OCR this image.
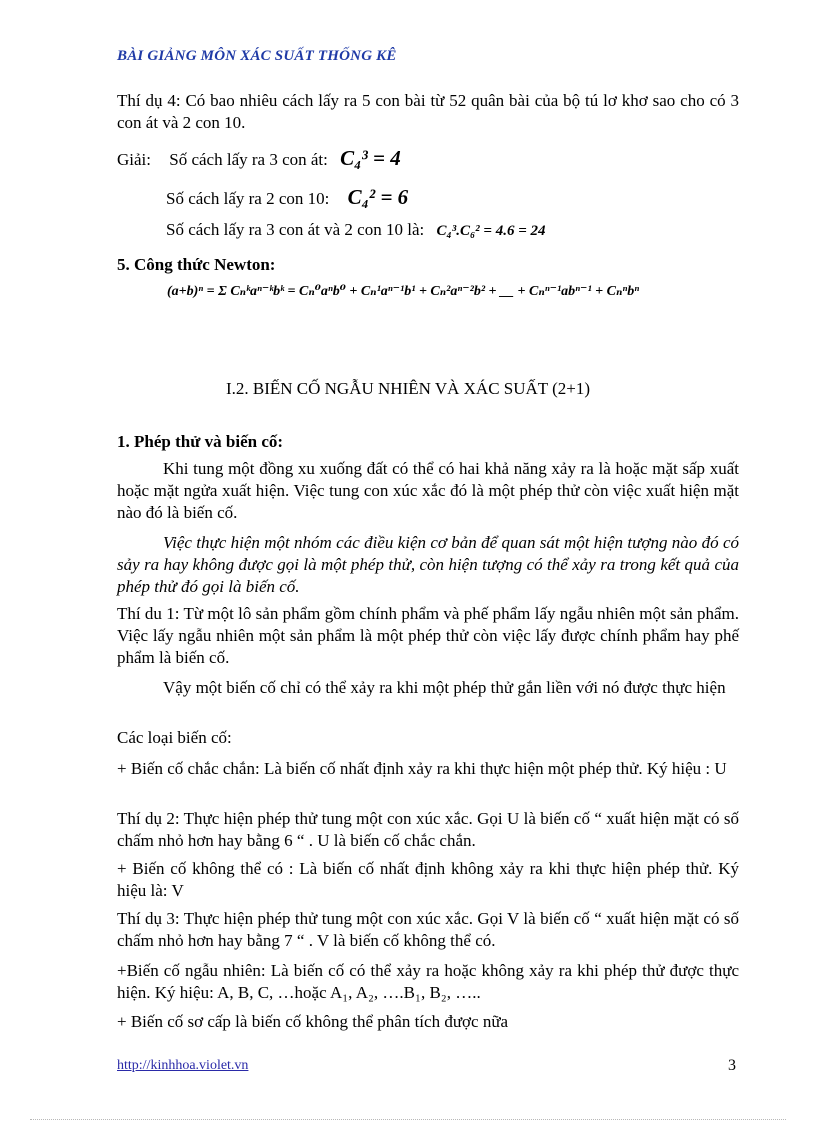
BÀI GIẢNG MÔN XÁC SUẤT THỐNG KÊ
Thí dụ 4: Có bao nhiêu cách lấy ra 5 con bài từ 52 quân bài của bộ tú lơ khơ sao cho có 3 con át và 2 con 10.
Giải: Số cách lấy ra 3 con át: C₄³ = 4
Số cách lấy ra 2 con 10: C₄² = 6
Số cách lấy ra 3 con át và 2 con 10 là: C₄³.C₆² = 4.6 = 24
5. Công thức Newton:
(a+b)ⁿ = Σ Cₙᵏaⁿ⁻ᵏbᵏ = Cₙ⁰aⁿb⁰ + Cₙ¹aⁿ⁻¹b¹ + Cₙ²aⁿ⁻²b² + __ + Cₙⁿ⁻¹abⁿ⁻¹ + Cₙⁿbⁿ
I.2. BIẾN CỐ NGẪU NHIÊN VÀ XÁC SUẤT (2+1)
1. Phép thử và biến cố:
Khi tung một đồng xu xuống đất có thể có hai khả năng xảy ra là hoặc mặt sấp xuất hoặc mặt ngửa xuất hiện. Việc tung con xúc xắc đó là một phép thử còn việc xuất hiện mặt nào đó là biến cố.
Việc thực hiện một nhóm các điều kiện cơ bản để quan sát một hiện tượng nào đó có sảy ra hay không được gọi là một phép thử, còn hiện tượng có thể xảy ra trong kết quả của phép thử đó gọi là biến cố.
Thí du 1: Từ một lô sản phẩm gồm chính phẩm và phế phẩm lấy ngẫu nhiên một sản phẩm. Việc lấy ngẫu nhiên một sản phẩm là một phép thử còn việc lấy được chính phẩm hay phế phẩm là biến cố.
Vậy một biến cố chỉ có thể xảy ra khi một phép thử gắn liền với nó được thực hiện
Các loại biến cố:
+ Biến cố chắc chắn: Là biến cố nhất định xảy ra khi thực hiện một phép thử. Ký hiệu : U
Thí dụ 2: Thực hiện phép thử tung một con xúc xắc. Gọi U là biến cố “ xuất hiện mặt có số chấm nhỏ hơn hay bằng 6 “ . U là biến cố chắc chắn.
+ Biến cố không thể có : Là biến cố nhất định không xảy ra khi thực hiện phép thử. Ký hiệu là: V
Thí dụ 3: Thực hiện phép thử tung một con xúc xắc. Gọi V là biến cố “ xuất hiện mặt có số chấm nhỏ hơn hay bằng 7 “ . V là biến cố không thể có.
+Biến cố ngẫu nhiên: Là biến cố có thể xảy ra hoặc không xảy ra khi phép thử được thực hiện. Ký hiệu: A, B, C, …hoặc A₁, A₂, ….B₁, B₂, …..
+ Biến cố sơ cấp là biến cố không thể phân tích được nữa
http://kinhhoa.violet.vn	3
